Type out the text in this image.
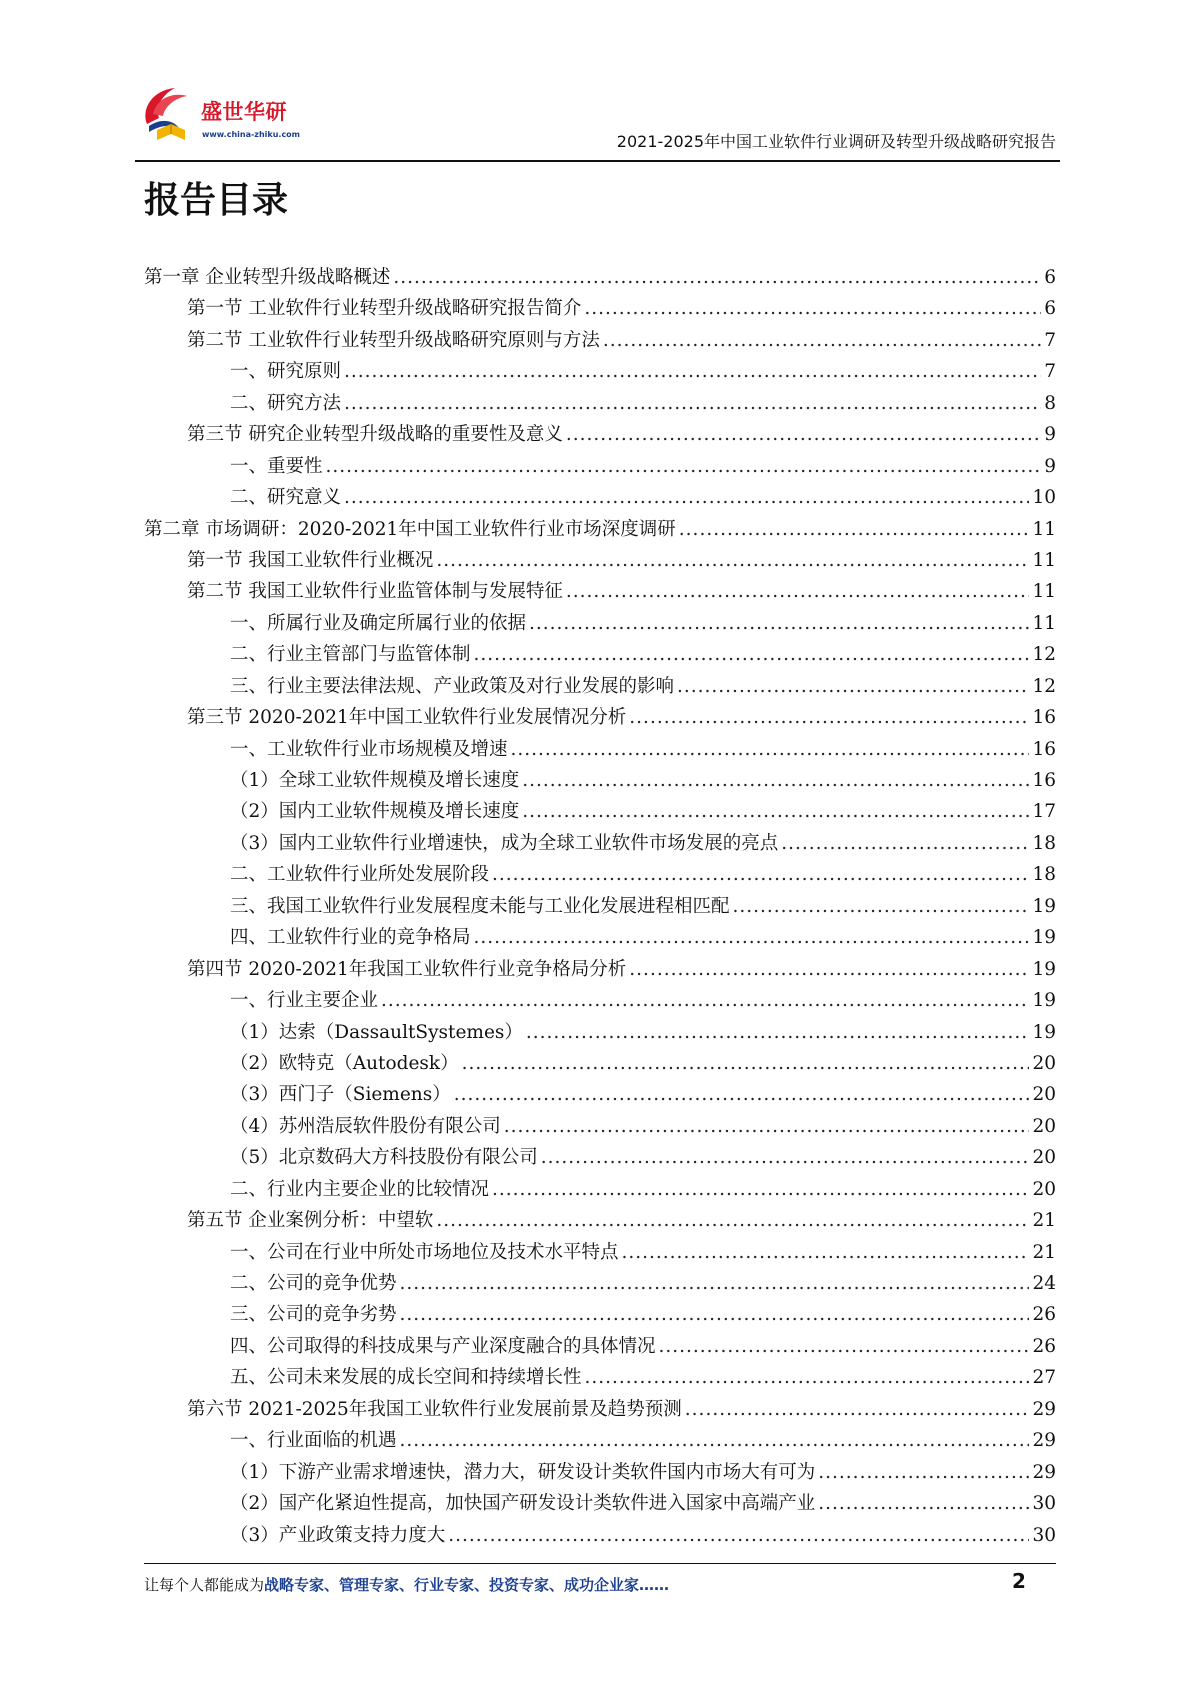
盛世华研
www.china-zhiku.com	2021-2025年中国工业软件行业调研及转型升级战略研究报告
报告目录
第一章 企业转型升级战略概述 .....	6
第一节 工业软件行业转型升级战略研究报告简介 .....	6
第二节 工业软件行业转型升级战略研究原则与方法 .....	7
一、研究原则 .....	7
二、研究方法 .....	8
第三节 研究企业转型升级战略的重要性及意义 .....	9
一、重要性 .....	9
二、研究意义 .....	10
第二章 市场调研：2020-2021年中国工业软件行业市场深度调研 .....	11
第一节 我国工业软件行业概况 .....	11
第二节 我国工业软件行业监管体制与发展特征 .....	11
一、所属行业及确定所属行业的依据 .....	11
二、行业主管部门与监管体制 .....	12
三、行业主要法律法规、产业政策及对行业发展的影响 .....	12
第三节 2020-2021年中国工业软件行业发展情况分析 .....	16
一、工业软件行业市场规模及增速 .....	16
（1）全球工业软件规模及增长速度 .....	16
（2）国内工业软件规模及增长速度 .....	17
（3）国内工业软件行业增速快，成为全球工业软件市场发展的亮点 .....	18
二、工业软件行业所处发展阶段 .....	18
三、我国工业软件行业发展程度未能与工业化发展进程相匹配 .....	19
四、工业软件行业的竞争格局 .....	19
第四节 2020-2021年我国工业软件行业竞争格局分析 .....	19
一、行业主要企业 .....	19
（1）达索（DassaultSystemes） .....	19
（2）欧特克（Autodesk） .....	20
（3）西门子（Siemens） .....	20
（4）苏州浩辰软件股份有限公司 .....	20
（5）北京数码大方科技股份有限公司 .....	20
二、行业内主要企业的比较情况 .....	20
第五节 企业案例分析：中望软 .....	21
一、公司在行业中所处市场地位及技术水平特点 .....	21
二、公司的竞争优势 .....	24
三、公司的竞争劣势 .....	26
四、公司取得的科技成果与产业深度融合的具体情况 .....	26
五、公司未来发展的成长空间和持续增长性 .....	27
第六节 2021-2025年我国工业软件行业发展前景及趋势预测 .....	29
一、行业面临的机遇 .....	29
（1）下游产业需求增速快，潜力大，研发设计类软件国内市场大有可为 .....	29
（2）国产化紧迫性提高，加快国产研发设计类软件进入国家中高端产业 .....	30
（3）产业政策支持力度大 .....	30
让每个人都能成为战略专家、管理专家、行业专家、投资专家、成功企业家……	2
